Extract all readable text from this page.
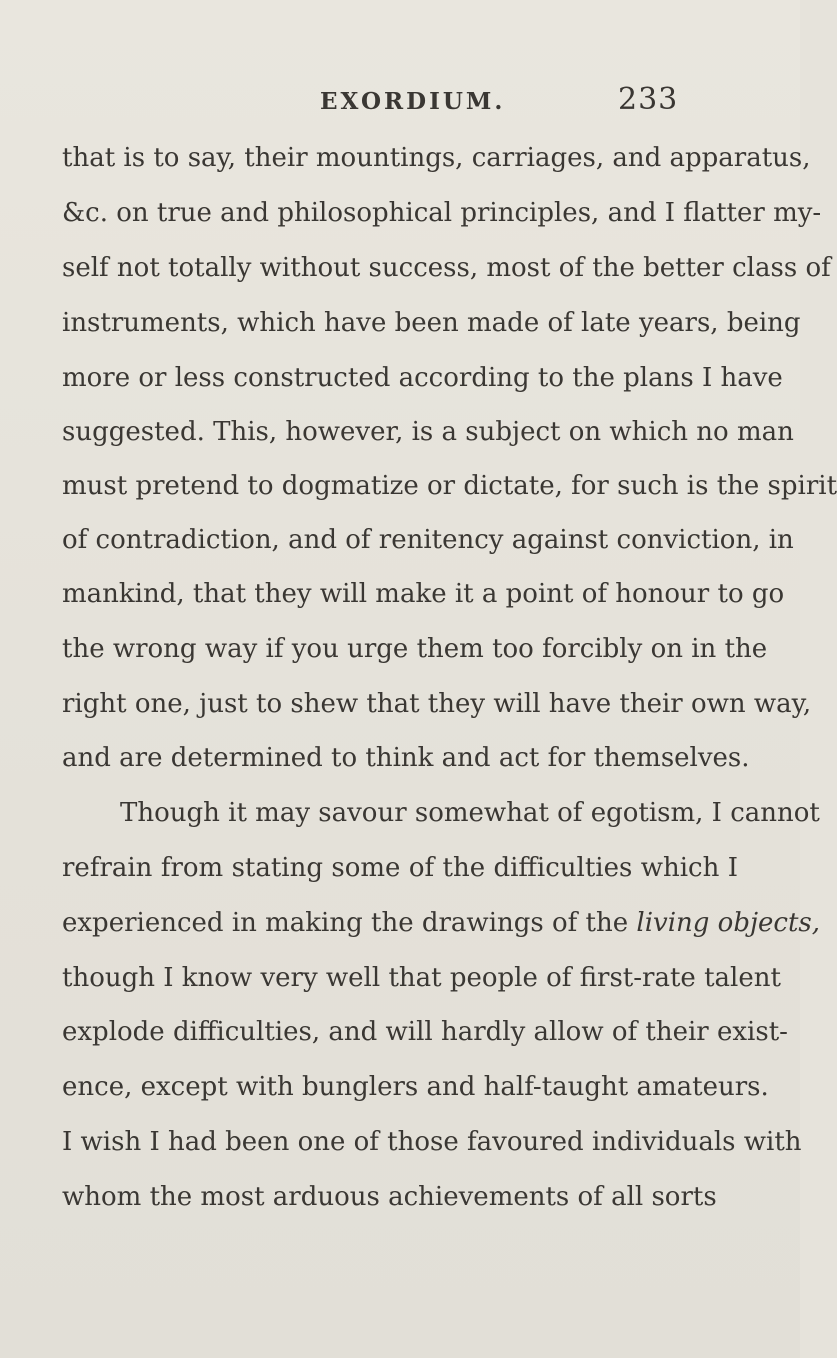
EXORDIUM.	233
that is to say, their mountings, carriages, and apparatus,
&c. on true and philosophical principles, and I flatter my-
self not totally without success, most of the better class of
instruments, which have been made of late years, being
more or less constructed according to the plans I have
suggested. This, however, is a subject on which no man
must pretend to dogmatize or dictate, for such is the spirit
of contradiction, and of renitency against conviction, in
mankind, that they will make it a point of honour to go
the wrong way if you urge them too forcibly on in the
right one, just to shew that they will have their own way,
and are determined to think and act for themselves.
Though it may savour somewhat of egotism, I cannot
refrain from stating some of the difficulties which I
experienced in making the drawings of the living objects,
though I know very well that people of first-rate talent
explode difficulties, and will hardly allow of their exist-
ence, except with bunglers and half-taught amateurs.
I wish I had been one of those favoured individuals with
whom the most arduous achievements of all sorts
